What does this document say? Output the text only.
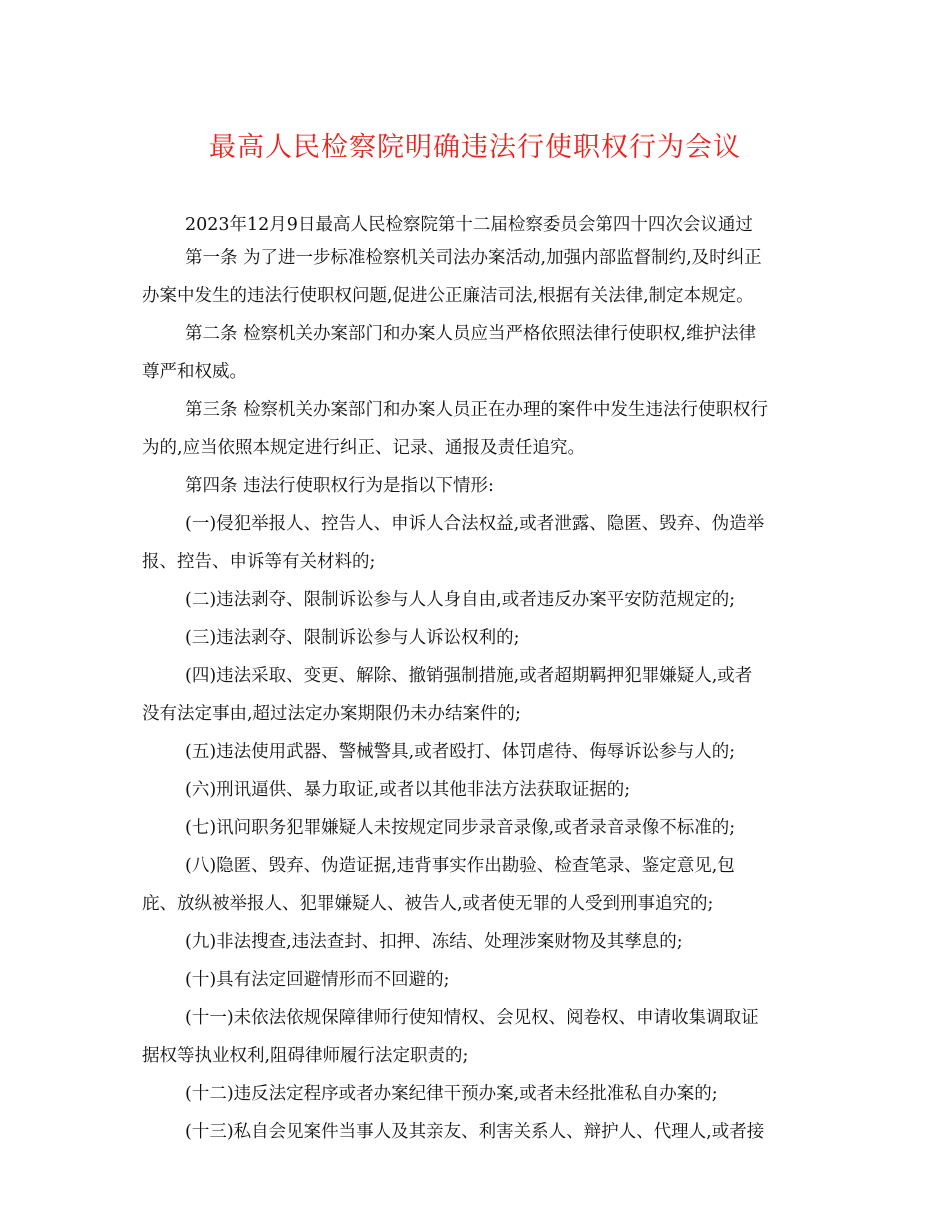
最高人民检察院明确违法行使职权行为会议

2023年12月9日最高人民检察院第十二届检察委员会第四十四次会议通过

第一条 为了进一步标准检察机关司法办案活动,加强内部监督制约,及时纠正

办案中发生的违法行使职权问题,促进公正廉洁司法,根据有关法律,制定本规定。

第二条 检察机关办案部门和办案人员应当严格依照法律行使职权,维护法律

尊严和权威。

第三条 检察机关办案部门和办案人员正在办理的案件中发生违法行使职权行

为的,应当依照本规定进行纠正、记录、通报及责任追究。

第四条 违法行使职权行为是指以下情形:

(一)侵犯举报人、控告人、申诉人合法权益,或者泄露、隐匿、毁弃、伪造举

报、控告、申诉等有关材料的;

(二)违法剥夺、限制诉讼参与人人身自由,或者违反办案平安防范规定的;

(三)违法剥夺、限制诉讼参与人诉讼权利的;

(四)违法采取、变更、解除、撤销强制措施,或者超期羁押犯罪嫌疑人,或者

没有法定事由,超过法定办案期限仍未办结案件的;

(五)违法使用武器、警械警具,或者殴打、体罚虐待、侮辱诉讼参与人的;

(六)刑讯逼供、暴力取证,或者以其他非法方法获取证据的;

(七)讯问职务犯罪嫌疑人未按规定同步录音录像,或者录音录像不标准的;

(八)隐匿、毁弃、伪造证据,违背事实作出勘验、检查笔录、鉴定意见,包

庇、放纵被举报人、犯罪嫌疑人、被告人,或者使无罪的人受到刑事追究的;

(九)非法搜查,违法查封、扣押、冻结、处理涉案财物及其孳息的;

(十)具有法定回避情形而不回避的;

(十一)未依法依规保障律师行使知情权、会见权、阅卷权、申请收集调取证

据权等执业权利,阻碍律师履行法定职责的;

(十二)违反法定程序或者办案纪律干预办案,或者未经批准私自办案的;

(十三)私自会见案件当事人及其亲友、利害关系人、辩护人、代理人,或者接
